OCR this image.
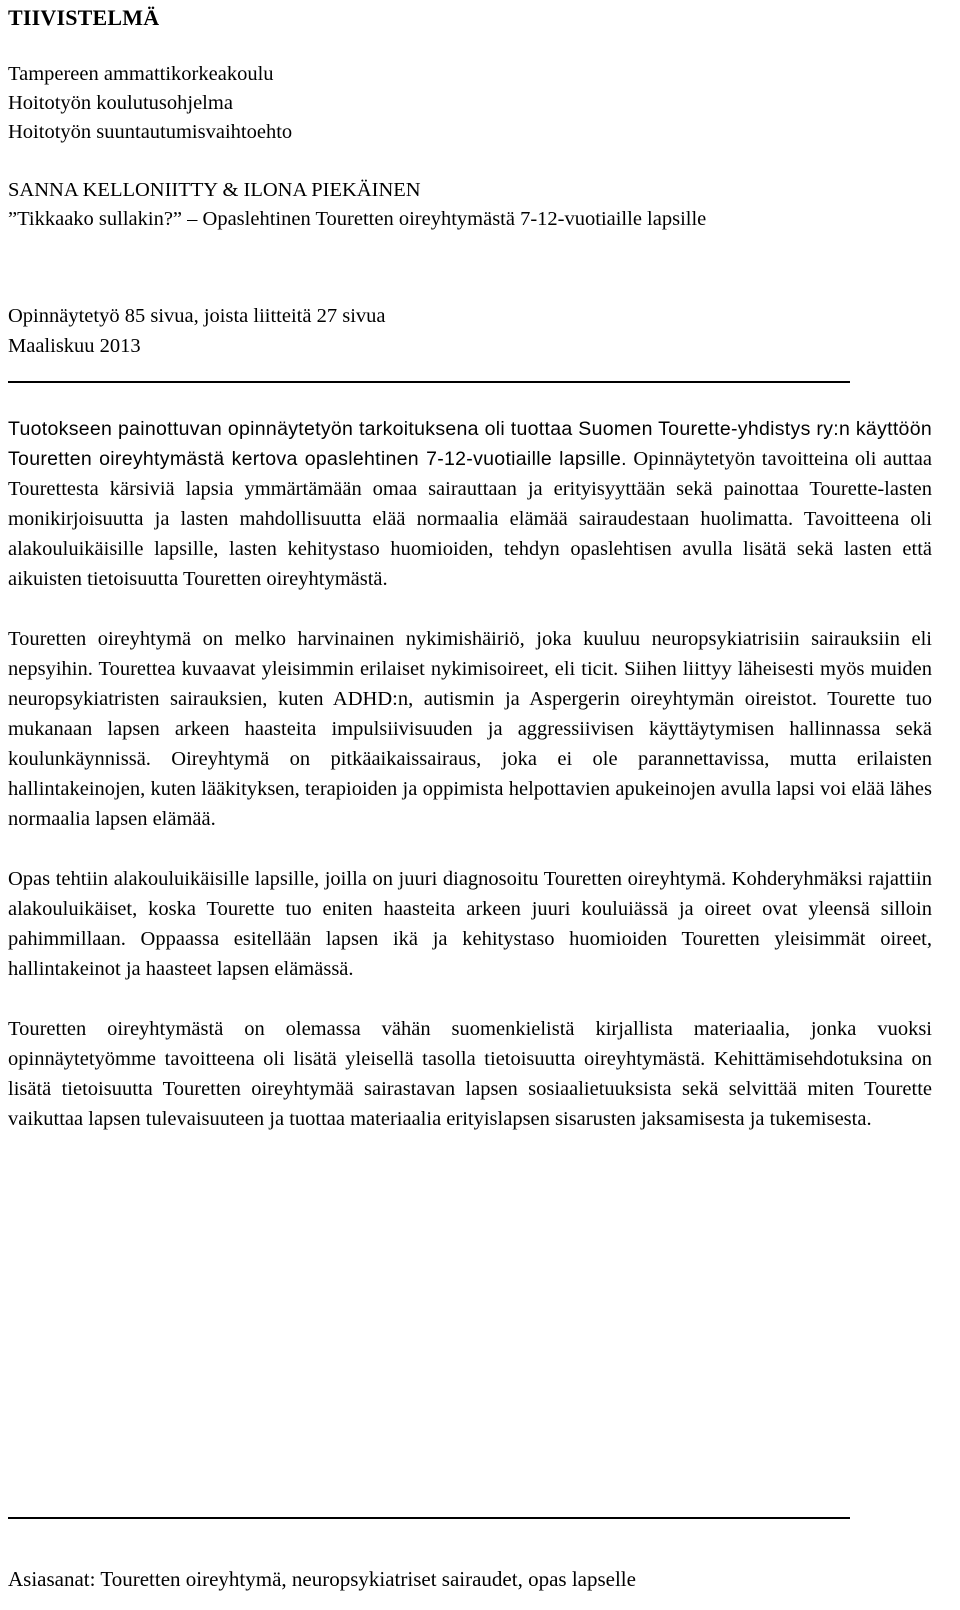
TIIVISTELMÄ
Tampereen ammattikorkeakoulu
Hoitotyön koulutusohjelma
Hoitotyön suuntautumisvaihtoehto
SANNA KELLONIITTY & ILONA PIEKÄINEN
”Tikkaako sullakin?” – Opaslehtinen Touretten oireyhtymästä 7-12-vuotiaille lapsille
Opinnäytetyö 85 sivua, joista liitteitä 27 sivua
Maaliskuu 2013

Tuotokseen painottuvan opinnäytetyön tarkoituksena oli tuottaa Suomen Tourette-yhdistys ry:n käyttöön Touretten oireyhtymästä kertova opaslehtinen 7-12-vuotiaille lapsille. Opinnäytetyön tavoitteina oli auttaa Tourettesta kärsiviä lapsia ymmärtämään omaa sairauttaan ja erityisyyttään sekä painottaa Tourette-lasten monikirjoisuutta ja lasten mahdollisuutta elää normaalia elämää sairaudestaan huolimatta. Tavoitteena oli alakouluikäisille lapsille, lasten kehitystaso huomioiden, tehdyn opaslehtisen avulla lisätä sekä lasten että aikuisten tietoisuutta Touretten oireyhtymästä.

Touretten oireyhtymä on melko harvinainen nykimishäiriö, joka kuuluu neuropsykiatrisiin sairauksiin eli nepsyihin. Tourettea kuvaavat yleisimmin erilaiset nykimisoireet, eli ticit. Siihen liittyy läheisesti myös muiden neuropsykiatristen sairauksien, kuten ADHD:n, autismin ja Aspergerin oireyhtymän oireistot. Tourette tuo mukanaan lapsen arkeen haasteita impulsiivisuuden ja aggressiivisen käyttäytymisen hallinnassa sekä koulunkäynnissä. Oireyhtymä on pitkäaikaissairaus, joka ei ole parannettavissa, mutta erilaisten hallintakeinojen, kuten lääkityksen, terapioiden ja oppimista helpottavien apukeinojen avulla lapsi voi elää lähes normaalia lapsen elämää.

Opas tehtiin alakouluikäisille lapsille, joilla on juuri diagnosoitu Touretten oireyhtymä. Kohderyhmäksi rajattiin alakouluikäiset, koska Tourette tuo eniten haasteita arkeen juuri kouluiässä ja oireet ovat yleensä silloin pahimmillaan. Oppaassa esitellään lapsen ikä ja kehitystaso huomioiden Touretten yleisimmät oireet, hallintakeinot ja haasteet lapsen elämässä.

Touretten oireyhtymästä on olemassa vähän suomenkielistä kirjallista materiaalia, jonka vuoksi opinnäytetyömme tavoitteena oli lisätä yleisellä tasolla tietoisuutta oireyhtymästä. Kehittämisehdotuksina on lisätä tietoisuutta Touretten oireyhtymää sairastavan lapsen sosiaalietuuksista sekä selvittää miten Tourette vaikuttaa lapsen tulevaisuuteen ja tuottaa materiaalia erityislapsen sisarusten jaksamisesta ja tukemisesta.

Asiasanat: Touretten oireyhtymä, neuropsykiatriset sairaudet, opas lapselle
